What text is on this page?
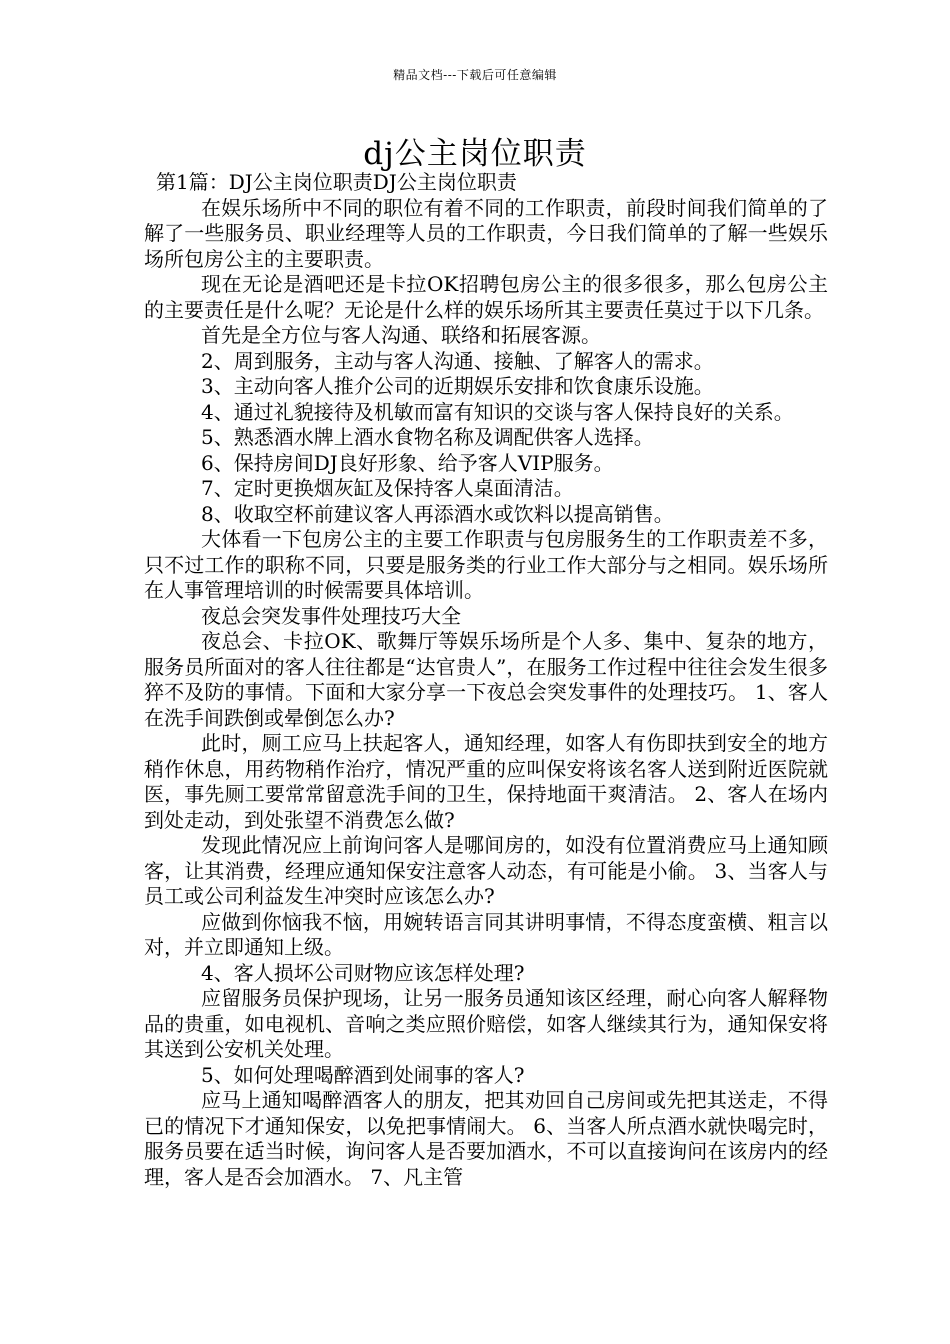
精品文档---下载后可任意编辑
dj公主岗位职责

第1篇：DJ公主岗位职责DJ公主岗位职责

在娱乐场所中不同的职位有着不同的工作职责，前段时间我们简单的了解了一些服务员、职业经理等人员的工作职责，今日我们简单的了解一些娱乐场所包房公主的主要职责。

现在无论是酒吧还是卡拉OK招聘包房公主的很多很多，那么包房公主的主要责任是什么呢？无论是什么样的娱乐场所其主要责任莫过于以下几条。

首先是全方位与客人沟通、联络和拓展客源。

2、周到服务，主动与客人沟通、接触、了解客人的需求。

3、主动向客人推介公司的近期娱乐安排和饮食康乐设施。

4、通过礼貌接待及机敏而富有知识的交谈与客人保持良好的关系。

5、熟悉酒水牌上酒水食物名称及调配供客人选择。

6、保持房间DJ良好形象、给予客人VIP服务。

7、定时更换烟灰缸及保持客人桌面清洁。

8、收取空杯前建议客人再添酒水或饮料以提高销售。

大体看一下包房公主的主要工作职责与包房服务生的工作职责差不多，只不过工作的职称不同，只要是服务类的行业工作大部分与之相同。娱乐场所在人事管理培训的时候需要具体培训。

夜总会突发事件处理技巧大全

夜总会、卡拉OK、歌舞厅等娱乐场所是个人多、集中、复杂的地方，服务员所面对的客人往往都是“达官贵人”，在服务工作过程中往往会发生很多猝不及防的事情。下面和大家分享一下夜总会突发事件的处理技巧。 1、客人在洗手间跌倒或晕倒怎么办?

此时，厕工应马上扶起客人，通知经理，如客人有伤即扶到安全的地方稍作休息，用药物稍作治疗，情况严重的应叫保安将该名客人送到附近医院就医，事先厕工要常常留意洗手间的卫生，保持地面干爽清洁。 2、客人在场内到处走动，到处张望不消费怎么做?

发现此情况应上前询问客人是哪间房的，如没有位置消费应马上通知顾客，让其消费，经理应通知保安注意客人动态，有可能是小偷。 3、当客人与员工或公司利益发生冲突时应该怎么办?

应做到你恼我不恼，用婉转语言同其讲明事情，不得态度蛮横、粗言以对，并立即通知上级。

4、客人损坏公司财物应该怎样处理?

应留服务员保护现场，让另一服务员通知该区经理，耐心向客人解释物品的贵重，如电视机、音响之类应照价赔偿，如客人继续其行为，通知保安将其送到公安机关处理。

5、如何处理喝醉酒到处闹事的客人?

应马上通知喝醉酒客人的朋友，把其劝回自己房间或先把其送走，不得已的情况下才通知保安，以免把事情闹大。 6、当客人所点酒水就快喝完时，服务员要在适当时候，询问客人是否要加酒水，不可以直接询问在该房内的经理，客人是否会加酒水。 7、凡主管
